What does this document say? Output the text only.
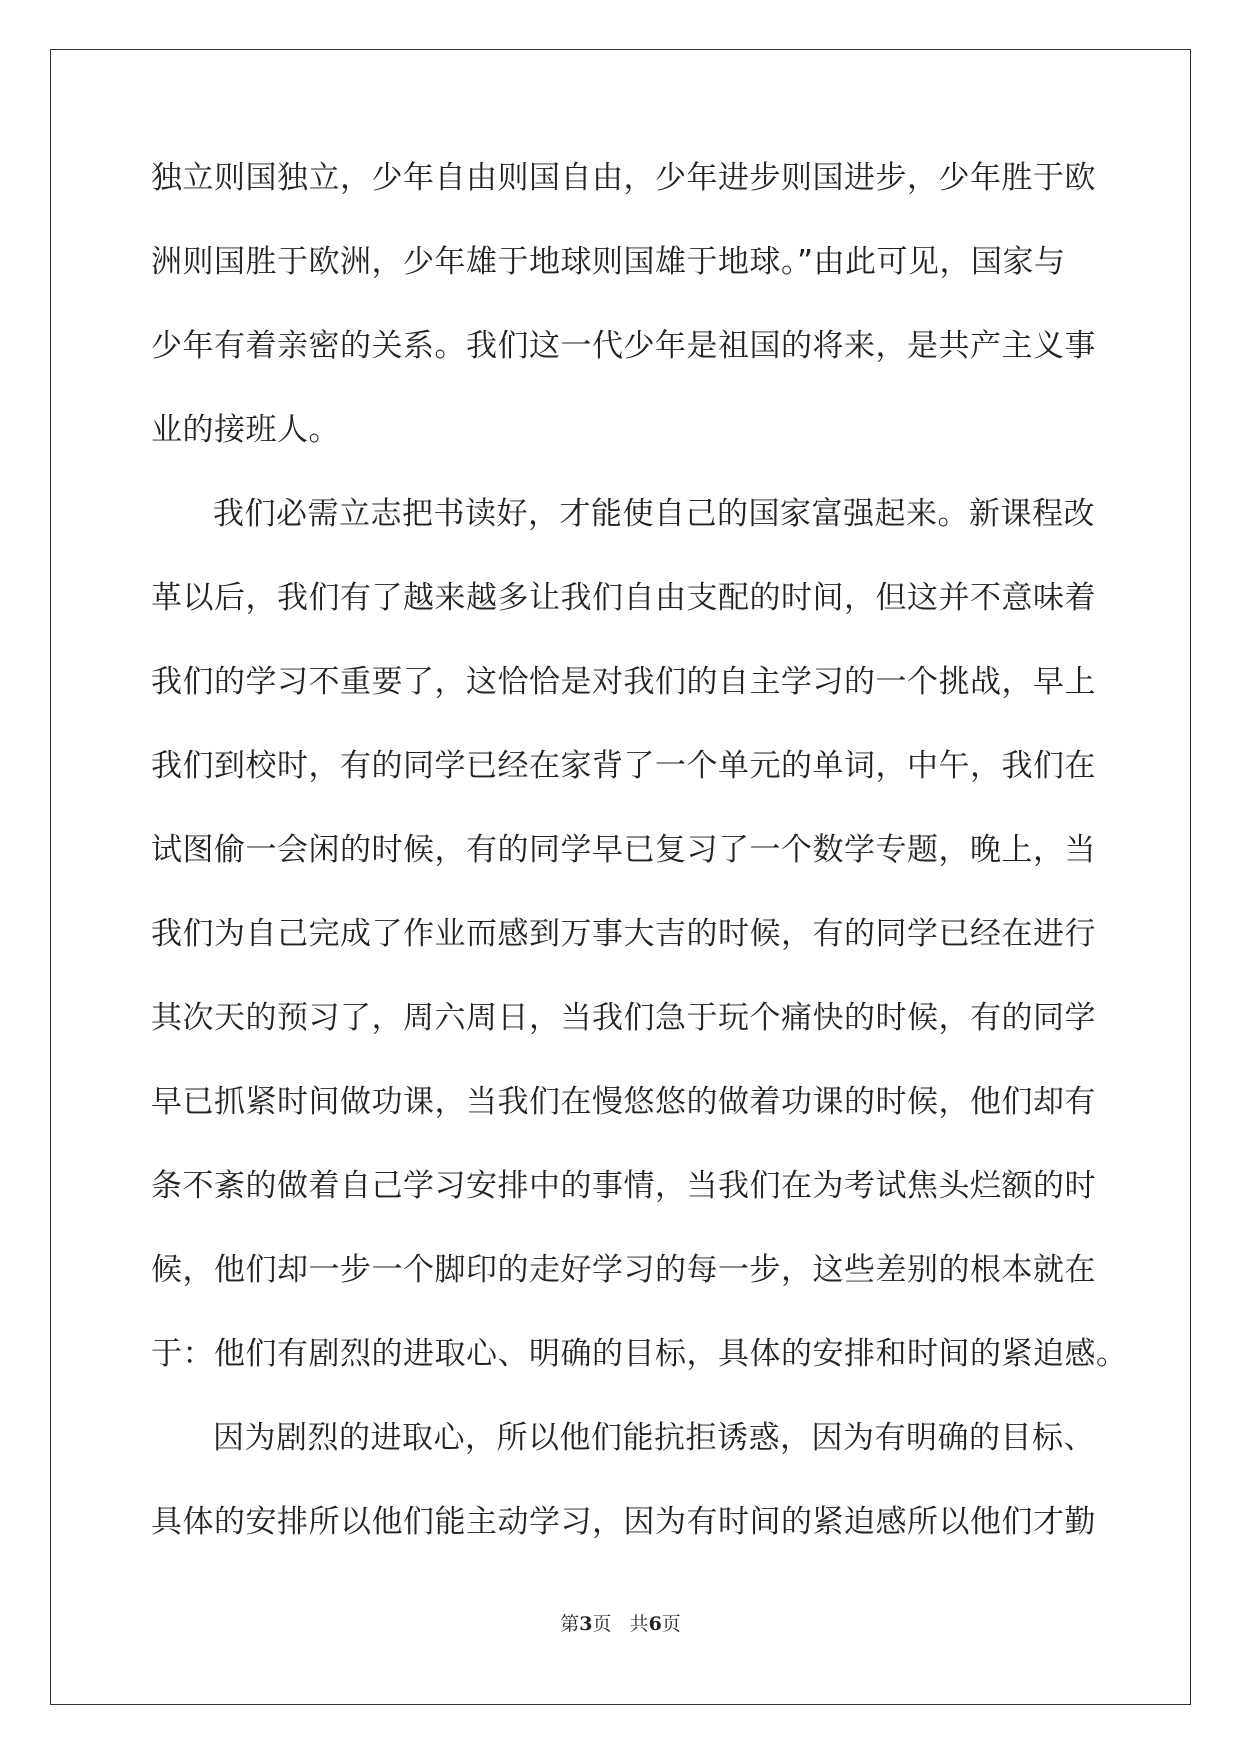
独立则国独立，少年自由则国自由，少年进步则国进步，少年胜于欧
洲则国胜于欧洲，少年雄于地球则国雄于地球。”由此可见，国家与
少年有着亲密的关系。我们这一代少年是祖国的将来，是共产主义事
业的接班人。
我们必需立志把书读好，才能使自己的国家富强起来。新课程改
革以后，我们有了越来越多让我们自由支配的时间，但这并不意味着
我们的学习不重要了，这恰恰是对我们的自主学习的一个挑战，早上
我们到校时，有的同学已经在家背了一个单元的单词，中午，我们在
试图偷一会闲的时候，有的同学早已复习了一个数学专题，晚上，当
我们为自己完成了作业而感到万事大吉的时候，有的同学已经在进行
其次天的预习了，周六周日，当我们急于玩个痛快的时候，有的同学
早已抓紧时间做功课，当我们在慢悠悠的做着功课的时候，他们却有
条不紊的做着自己学习安排中的事情，当我们在为考试焦头烂额的时
候，他们却一步一个脚印的走好学习的每一步，这些差别的根本就在
于：他们有剧烈的进取心、明确的目标，具体的安排和时间的紧迫感。
因为剧烈的进取心，所以他们能抗拒诱惑，因为有明确的目标、
具体的安排所以他们能主动学习，因为有时间的紧迫感所以他们才勤
第3页   共6页
